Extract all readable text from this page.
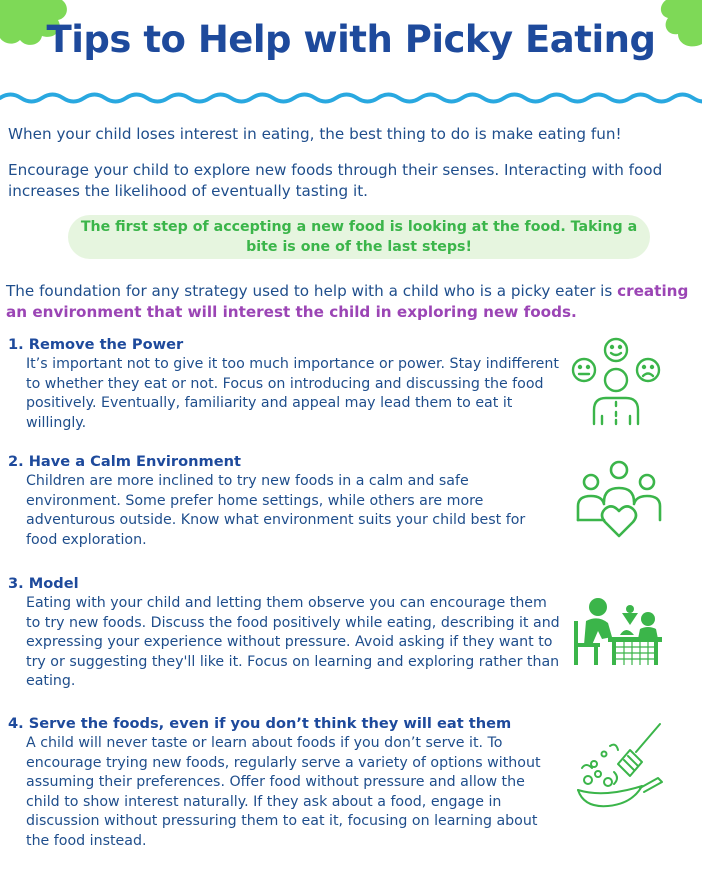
Tips to Help with Picky Eating

When your child loses interest in eating, the best thing to do is make eating fun!

Encourage your child to explore new foods through their senses. Interacting with food increases the likelihood of eventually tasting it.

The first step of accepting a new food is looking at the food. Taking a bite is one of the last steps!

The foundation for any strategy used to help with a child who is a picky eater is creating an environment that will interest the child in exploring new foods.

1. Remove the Power

It’s important not to give it too much importance or power. Stay indifferent to whether they eat or not. Focus on introducing and discussing the food positively. Eventually, familiarity and appeal may lead them to eat it willingly.

2. Have a Calm Environment

Children are more inclined to try new foods in a calm and safe environment. Some prefer home settings, while others are more adventurous outside. Know what environment suits your child best for food exploration.

3. Model

Eating with your child and letting them observe you can encourage them to try new foods. Discuss the food positively while eating, describing it and expressing your experience without pressure. Avoid asking if they want to try or suggesting they'll like it. Focus on learning and exploring rather than eating.

4. Serve the foods, even if you don’t think they will eat them

A child will never taste or learn about foods if you don’t serve it. To encourage trying new foods, regularly serve a variety of options without assuming their preferences. Offer food without pressure and allow the child to show interest naturally. If they ask about a food, engage in discussion without pressuring them to eat it, focusing on learning about the food instead.
